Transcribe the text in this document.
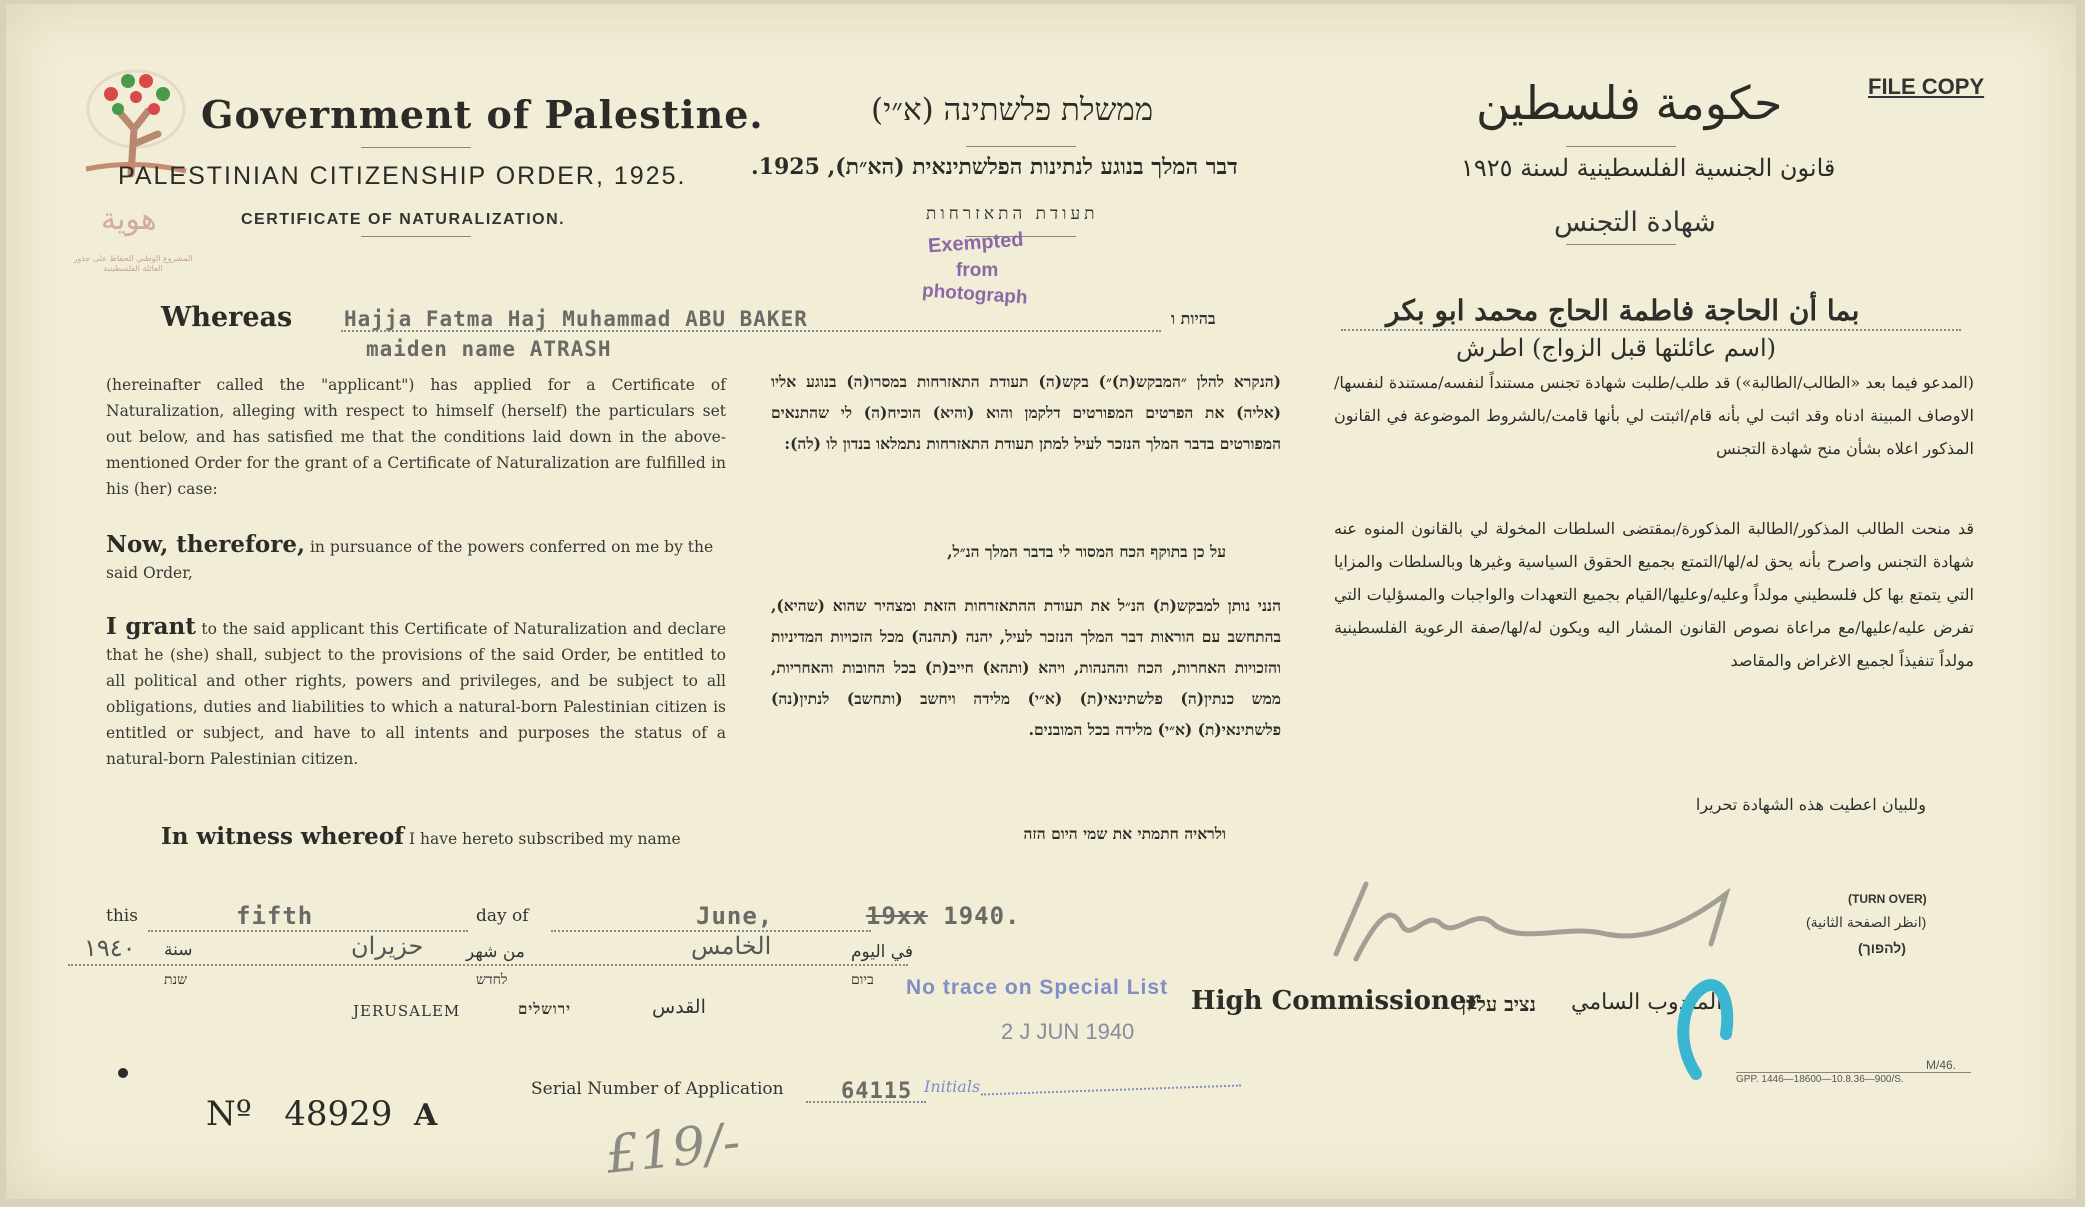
هوية
المشروع الوطني للحفاظ على جذور العائلة الفلسطينية
Government of Palestine.	ממשלת פלשתינה (א״י)	حكومة فلسطين	FILE COPY
PALESTINIAN CITIZENSHIP ORDER, 1925.	דבר המלך בנוגע לנתינות הפלשתינאית (הא״ת), 1925.	قانون الجنسية الفلسطينية لسنة ١٩٢٥
CERTIFICATE OF NATURALIZATION.	תעודת התאזרחות	شهادة التجنس
Exempted
from
photograph
Whereas Hajja Fatma Haj Muhammad ABU BAKER
maiden name ATRASH
בהיות ו	بما أن الحاجة فاطمة الحاج محمد ابو بكر
(اسم عائلتها قبل الزواج) اطرش
(hereinafter called the "applicant") has applied for a Certificate of Naturalization, alleging with respect to himself (herself) the particulars set out below, and has satisfied me that the conditions laid down in the above-mentioned Order for the grant of a Certificate of Naturalization are fulfilled in his (her) case:
Now, therefore, in pursuance of the powers conferred on me by the said Order,
I grant to the said applicant this Certificate of Naturalization and declare that he (she) shall, subject to the provisions of the said Order, be entitled to all political and other rights, powers and privileges, and be subject to all obligations, duties and liabilities to which a natural-born Palestinian citizen is entitled or subject, and have to all intents and purposes the status of a natural-born Palestinian citizen.
In witness whereof I have hereto subscribed my name
(הנקרא להלן ״המבקש(ת)״) בקש(ה) תעודת התאזרחות במסרו(ה) בנוגע אליו (אליה) את הפרטים המפורטים דלקמן והוא (והיא) הוכיח(ה) לי שהתנאים המפורטים בדבר המלך הנזכר לעיל למתן תעודת התאזרחות נתמלאו בנדון לו (לה):
על כן בתוקף הכח המסור לי בדבר המלך הנ״ל,
הנני נותן למבקש(ת) הנ״ל את תעודת ההתאזרחות הזאת ומצהיר שהוא (שהיא), בהתחשב עם הוראות דבר המלך הנזכר לעיל, יהנה (תהנה) מכל הזכויות המדיניות והזכויות האחרות, הכח וההנהות, ויהא (ותהא) חייב(ת) בכל החובות והאחריות, ממש כנתין(ה) פלשתינאי(ת) (א״י) מלידה ויחשב (ותחשב) לנתין(נה) פלשתינאי(ת) (א״י) מלידה בכל המובנים.
ולראיה חתמתי את שמי היום הזה
(المدعو فيما بعد «الطالب/الطالبة») قد طلب/طلبت شهادة تجنس مستنداً لنفسه/مستندة لنفسها/الاوصاف المبينة ادناه وقد اثبت لي بأنه قام/اثبتت لي بأنها قامت/بالشروط الموضوعة في القانون المذكور اعلاه بشأن منح شهادة التجنس
قد منحت الطالب المذكور/الطالبة المذكورة/بمقتضى السلطات المخولة لي بالقانون المنوه عنه شهادة التجنس واصرح بأنه يحق له/لها/التمتع بجميع الحقوق السياسية وغيرها وبالسلطات والمزايا التي يتمتع بها كل فلسطيني مولداً وعليه/وعليها/القيام بجميع التعهدات والواجبات والمسؤليات التي تفرض عليه/عليها/مع مراعاة نصوص القانون المشار اليه ويكون له/لها/صفة الرعوية الفلسطينية مولداً تنفيذاً لجميع الاغراض والمقاصد
وللبيان اعطيت هذه الشهادة تحريرا
this	fifth	day of	June,	19xx 1940.
١٩٤٠ سنة	حزيران	من شهر	الخامس	في اليوم
שנת	לחדש	ביום
JERUSALEM	ירושלים	القدس
No trace on Special List
2 J JUN 1940
Initials
High Commissioner
נציב עליון المندوب السامي
(TURN OVER)
(انظر الصفحة الثانية)
(להפוך)
Nº 48929 A
Serial Number of Application	64115
£19/-
M/46.
GPP. 1446—18600—10.8.36—900/S.
